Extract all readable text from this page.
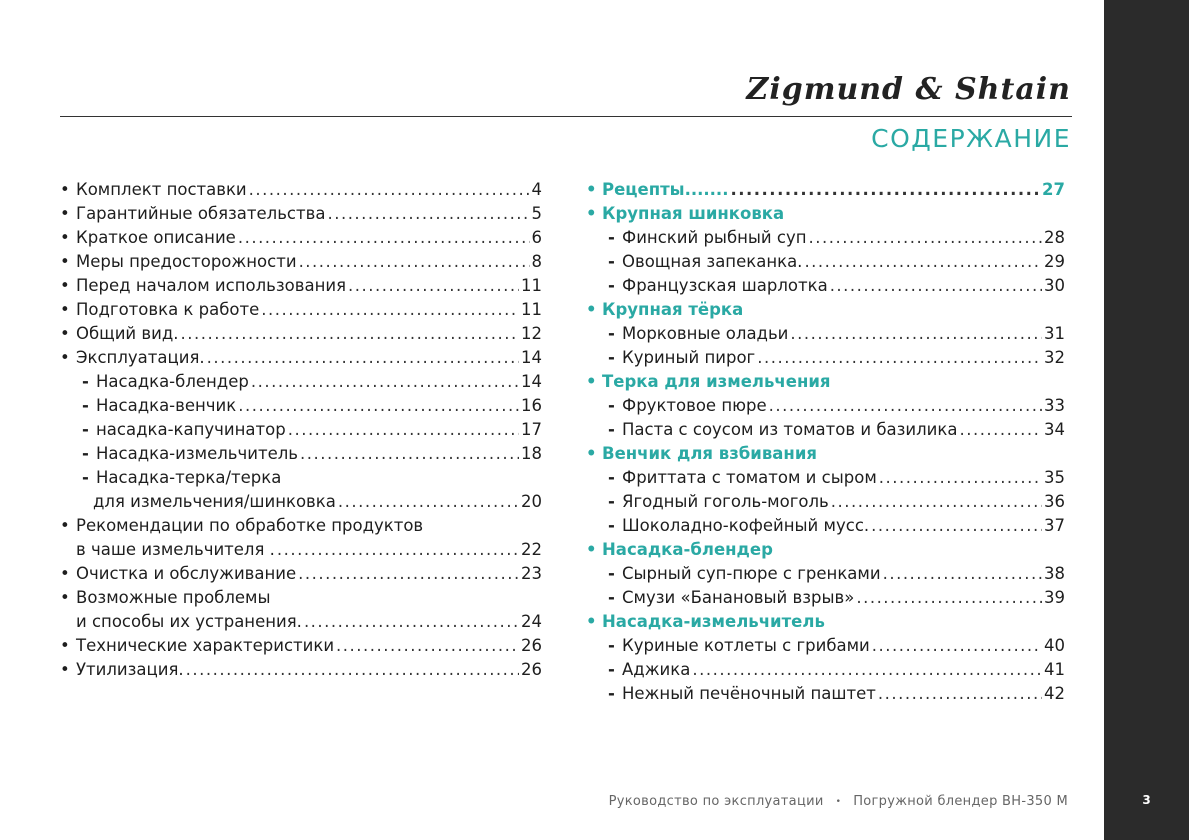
3
Zigmund & Shtain
СОДЕРЖАНИЕ
• Комплект поставки .....	4
• Гарантийные обязательства .....	5
• Краткое описание .....	6
• Меры предосторожности .....	8
• Перед началом использования .....	11
• Подготовка к работе .....	11
• Общий вид. .....	12
• Эксплуатация. .....	14
- Насадка-блендер .....	14
- Насадка-венчик .....	16
- насадка-капучинатор .....	17
- Насадка-измельчитель .....	18
- Насадка-терка/терка
для измельчения/шинковка .....	20
• Рекомендации по обработке продуктов
в чаше измельчителя . .....	22
• Очистка и обслуживание .....	23
• Возможные проблемы
и способы их устранения. .....	24
• Технические характеристики .....	26
• Утилизация. .....	26
• Рецепты....... .....	27
• Крупная шинковка
- Финский рыбный суп .....	28
- Овощная запеканка. .....	29
- Французская шарлотка .....	30
• Крупная тёрка
- Морковные оладьи .....	31
- Куриный пирог .....	32
• Терка для измельчения
- Фруктовое пюре .....	33
- Паста с соусом из томатов и базилика .....	34
• Венчик для взбивания
- Фриттата с томатом и сыром .....	35
- Ягодный гоголь-моголь .....	36
- Шоколадно-кофейный мусс. .....	37
• Насадка-блендер
- Сырный суп-пюре с гренками .....	38
- Смузи «Банановый взрыв» .....	39
• Насадка-измельчитель
- Куриные котлеты с грибами .....	40
- Аджика .....	41
- Нежный печёночный паштет .....	42
Руководство по эксплуатации • Погружной блендер BH-350 M
